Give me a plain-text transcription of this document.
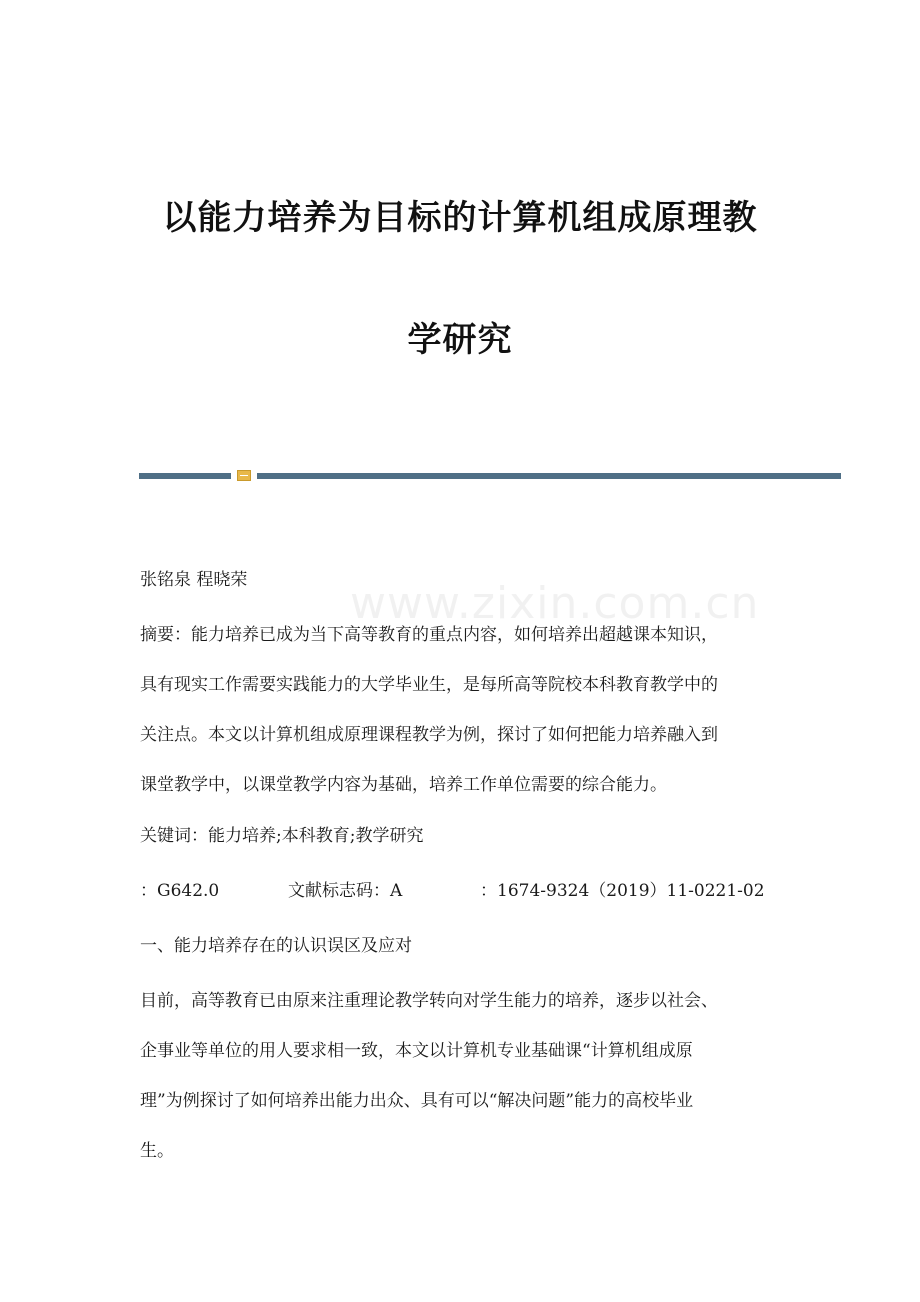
以能力培养为目标的计算机组成原理教
学研究
www.zixin.com.cn
张铭泉 程晓荣
摘要：能力培养已成为当下高等教育的重点内容，如何培养出超越课本知识，
具有现实工作需要实践能力的大学毕业生，是每所高等院校本科教育教学中的
关注点。本文以计算机组成原理课程教学为例，探讨了如何把能力培养融入到
课堂教学中，以课堂教学内容为基础，培养工作单位需要的综合能力。
关键词：能力培养;本科教育;教学研究
：G642.0	文献标志码：A	：1674-9324（2019）11-0221-02
一、能力培养存在的认识误区及应对
目前，高等教育已由原来注重理论教学转向对学生能力的培养，逐步以社会、
企事业等单位的用人要求相一致，本文以计算机专业基础课“计算机组成原
理”为例探讨了如何培养出能力出众、具有可以“解决问题”能力的高校毕业
生。
